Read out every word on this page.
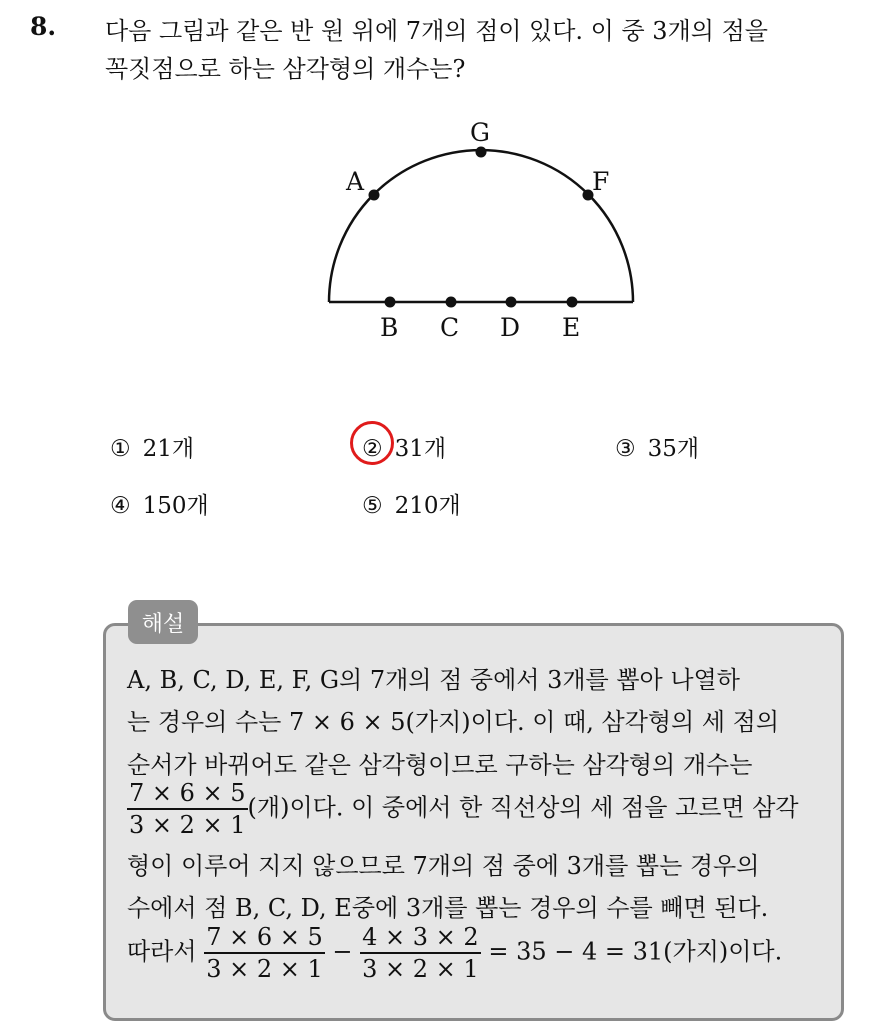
8. 다음 그림과 같은 반 원 위에 7개의 점이 있다. 이 중 3개의 점을
꼭짓점으로 하는 삼각형의 개수는?
A
G
F
B C D E
① 21개	② 31개	③ 35개
④ 150개	⑤ 210개
해설
A, B, C, D, E, F, G의 7개의 점 중에서 3개를 뽑아 나열하
는 경우의 수는 7 × 6 × 5(가지)이다. 이 때, 삼각형의 세 점의
순서가 바뀌어도 같은 삼각형이므로 구하는 삼각형의 개수는
$\frac{7 \times 6 \times 5}{3 \times 2 \times 1}$ (개)이다. 이 중에서 한 직선상의 세 점을 고르면 삼각
형이 이루어 지지 않으므로 7개의 점 중에 3개를 뽑는 경우의
수에서 점 B, C, D, E중에 3개를 뽑는 경우의 수를 빼면 된다.
따라서 $\frac{7 \times 6 \times 5}{3 \times 2 \times 1} - \frac{4 \times 3 \times 2}{3 \times 2 \times 1} = 35 - 4 = 31$(가지)이다.
